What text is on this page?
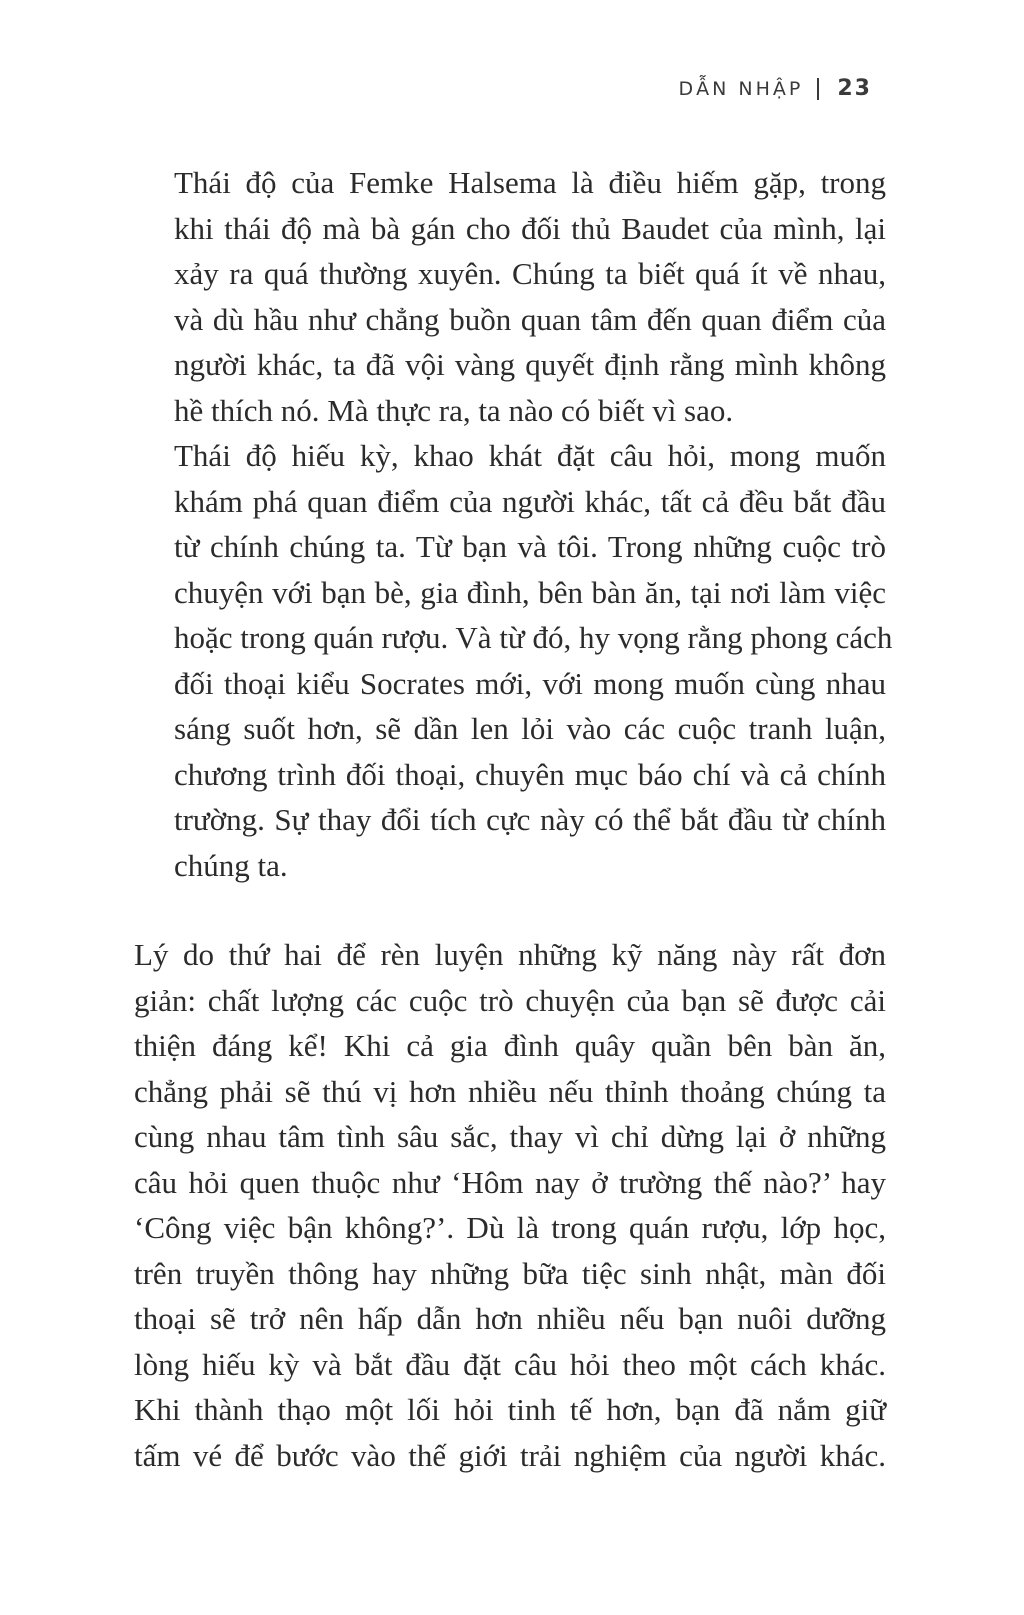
DẪN NHẬP 23

Thái độ của Femke Halsema là điều hiếm gặp, trong
khi thái độ mà bà gán cho đối thủ Baudet của mình, lại
xảy ra quá thường xuyên. Chúng ta biết quá ít về nhau,
và dù hầu như chẳng buồn quan tâm đến quan điểm của
người khác, ta đã vội vàng quyết định rằng mình không
hề thích nó. Mà thực ra, ta nào có biết vì sao.

Thái độ hiếu kỳ, khao khát đặt câu hỏi, mong muốn
khám phá quan điểm của người khác, tất cả đều bắt đầu
từ chính chúng ta. Từ bạn và tôi. Trong những cuộc trò
chuyện với bạn bè, gia đình, bên bàn ăn, tại nơi làm việc
hoặc trong quán rượu. Và từ đó, hy vọng rằng phong cách
đối thoại kiểu Socrates mới, với mong muốn cùng nhau
sáng suốt hơn, sẽ dần len lỏi vào các cuộc tranh luận,
chương trình đối thoại, chuyên mục báo chí và cả chính
trường. Sự thay đổi tích cực này có thể bắt đầu từ chính
chúng ta.

Lý do thứ hai để rèn luyện những kỹ năng này rất đơn
giản: chất lượng các cuộc trò chuyện của bạn sẽ được cải
thiện đáng kể! Khi cả gia đình quây quần bên bàn ăn,
chẳng phải sẽ thú vị hơn nhiều nếu thỉnh thoảng chúng ta
cùng nhau tâm tình sâu sắc, thay vì chỉ dừng lại ở những
câu hỏi quen thuộc như ‘Hôm nay ở trường thế nào?’ hay
‘Công việc bận không?’. Dù là trong quán rượu, lớp học,
trên truyền thông hay những bữa tiệc sinh nhật, màn đối
thoại sẽ trở nên hấp dẫn hơn nhiều nếu bạn nuôi dưỡng
lòng hiếu kỳ và bắt đầu đặt câu hỏi theo một cách khác.
Khi thành thạo một lối hỏi tinh tế hơn, bạn đã nắm giữ
tấm vé để bước vào thế giới trải nghiệm của người khác.
